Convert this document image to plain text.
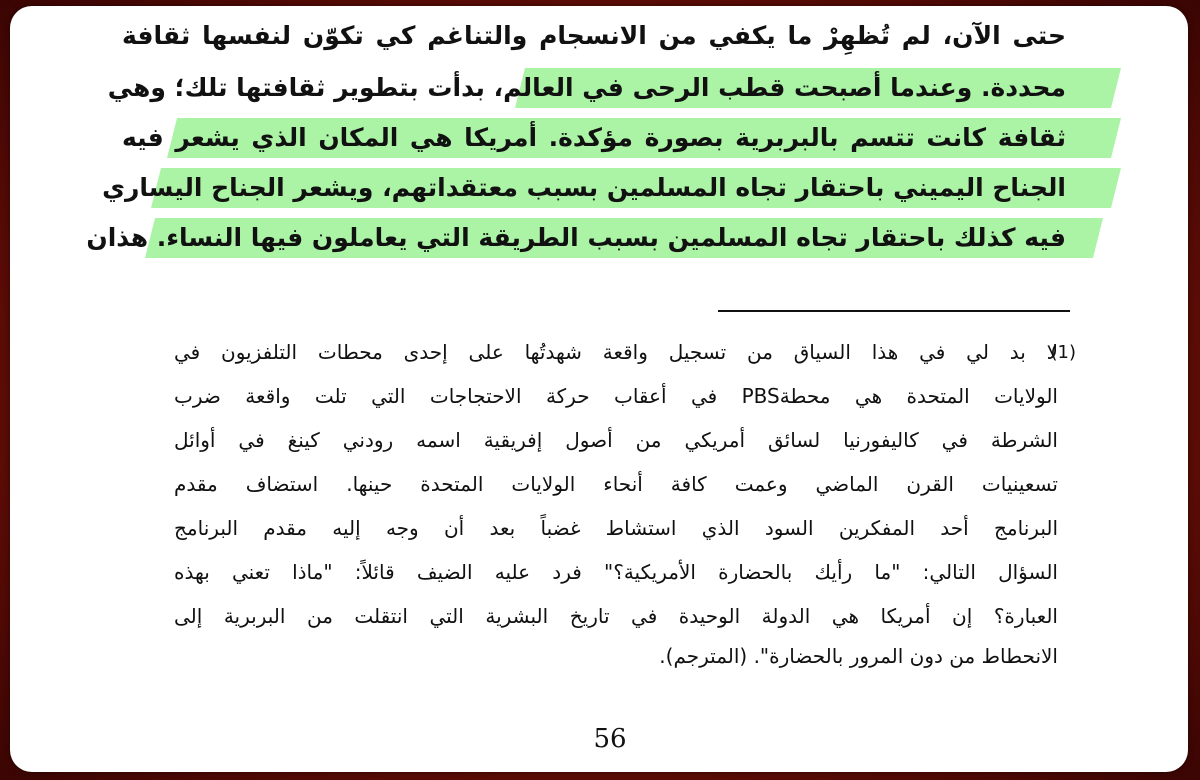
حتى الآن، لم تُظهِرْ ما يكفي من الانسجام والتناغم كي تكوّن لنفسها ثقافة
محددة. وعندما أصبحت قطب الرحى في العالم، بدأت بتطوير ثقافتها تلك؛ وهي
ثقافة كانت تتسم بالبربرية بصورة مؤكدة. أمريكا هي المكان الذي يشعر فيه
الجناح اليميني باحتقار تجاه المسلمين بسبب معتقداتهم، ويشعر الجناح اليساري
فيه كذلك باحتقار تجاه المسلمين بسبب الطريقة التي يعاملون فيها النساء. هذان
(1)
لا بد لي في هذا السياق من تسجيل واقعة شهدتُها على إحدى محطات التلفزيون في
الولايات المتحدة هي محطةPBS في أعقاب حركة الاحتجاجات التي تلت واقعة ضرب
الشرطة في كاليفورنيا لسائق أمريكي من أصول إفريقية اسمه رودني كينغ في أوائل
تسعينيات القرن الماضي وعمت كافة أنحاء الولايات المتحدة حينها. استضاف مقدم
البرنامج أحد المفكرين السود الذي استشاط غضباً بعد أن وجه إليه مقدم البرنامج
السؤال التالي: "ما رأيك بالحضارة الأمريكية؟" فرد عليه الضيف قائلاً: "ماذا تعني بهذه
العبارة؟ إن أمريكا هي الدولة الوحيدة في تاريخ البشرية التي انتقلت من البربرية إلى
الانحطاط من دون المرور بالحضارة". (المترجم).
56
